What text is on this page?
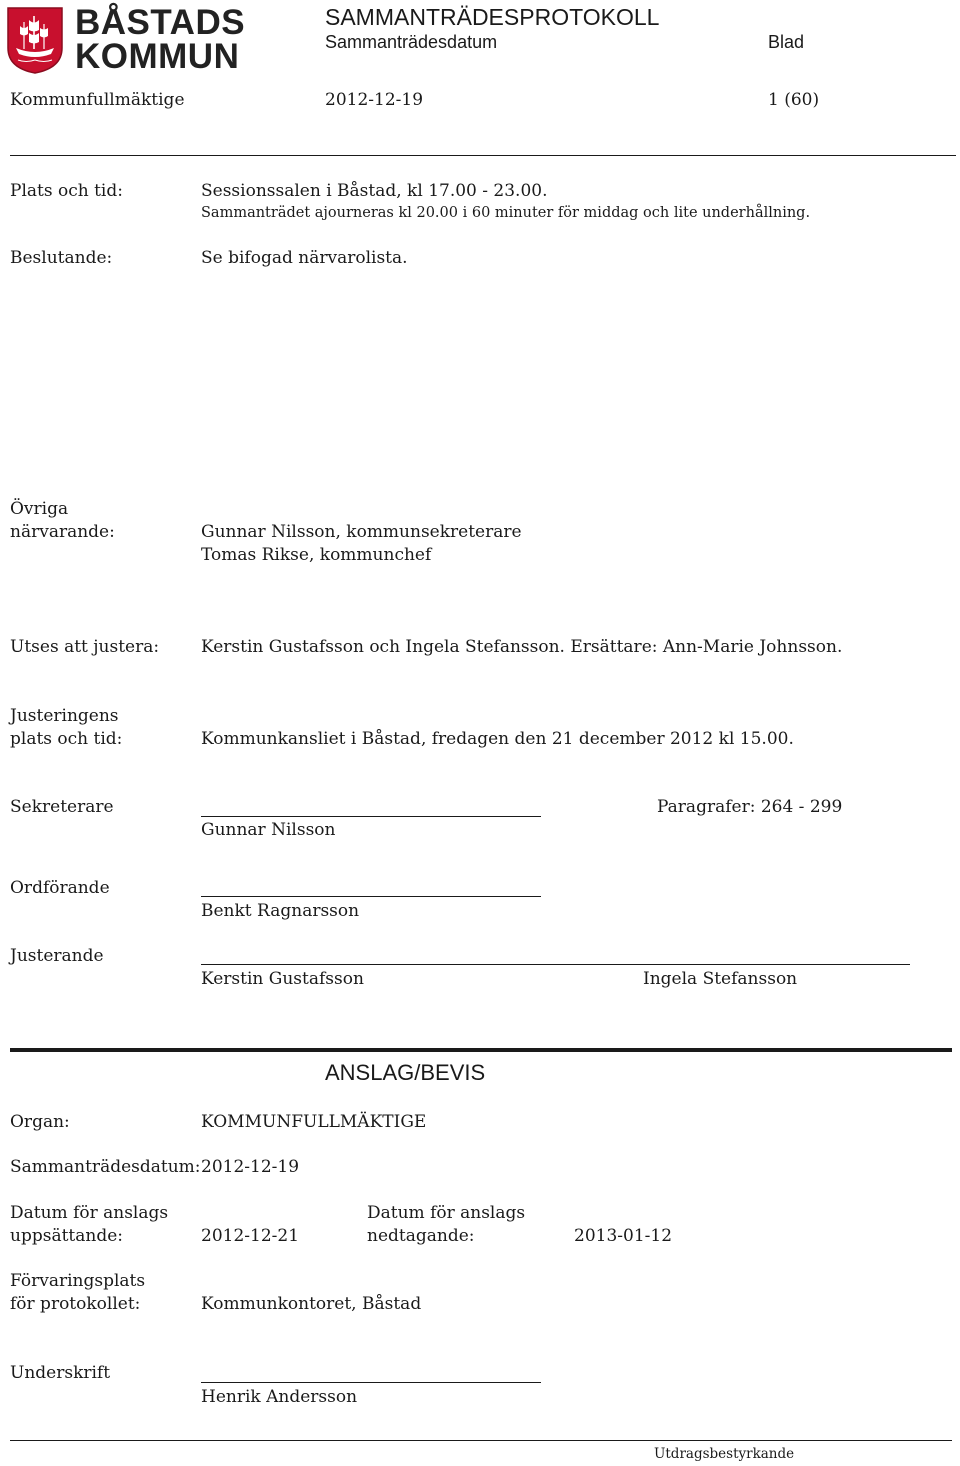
BÅSTADS
KOMMUN
SAMMANTRÄDESPROTOKOLL
Sammanträdesdatum	Blad
Kommunfullmäktige	2012-12-19	1 (60)
Plats och tid:	Sessionssalen i Båstad, kl 17.00 - 23.00.
Sammanträdet ajourneras kl 20.00 i 60 minuter för middag och lite underhållning.
Beslutande:	Se bifogad närvarolista.
Övriga
närvarande:	Gunnar Nilsson, kommunsekreterare
Tomas Rikse, kommunchef
Utses att justera: Kerstin Gustafsson och Ingela Stefansson. Ersättare: Ann-Marie Johnsson.
Justeringens
plats och tid:	Kommunkansliet i Båstad, fredagen den 21 december 2012 kl 15.00.
Sekreterare
Gunnar Nilsson
Paragrafer: 264 - 299
Ordförande
Benkt Ragnarsson
Justerande
Kerstin Gustafsson	Ingela Stefansson
ANSLAG/BEVIS
Organ:	KOMMUNFULLMÄKTIGE
Sammanträdesdatum: 2012-12-19
Datum för anslags
uppsättande:	2012-12-21
Datum för anslags
nedtagande:	2013-01-12
Förvaringsplats
för protokollet:	Kommunkontoret, Båstad
Underskrift
Henrik Andersson
Utdragsbestyrkande
